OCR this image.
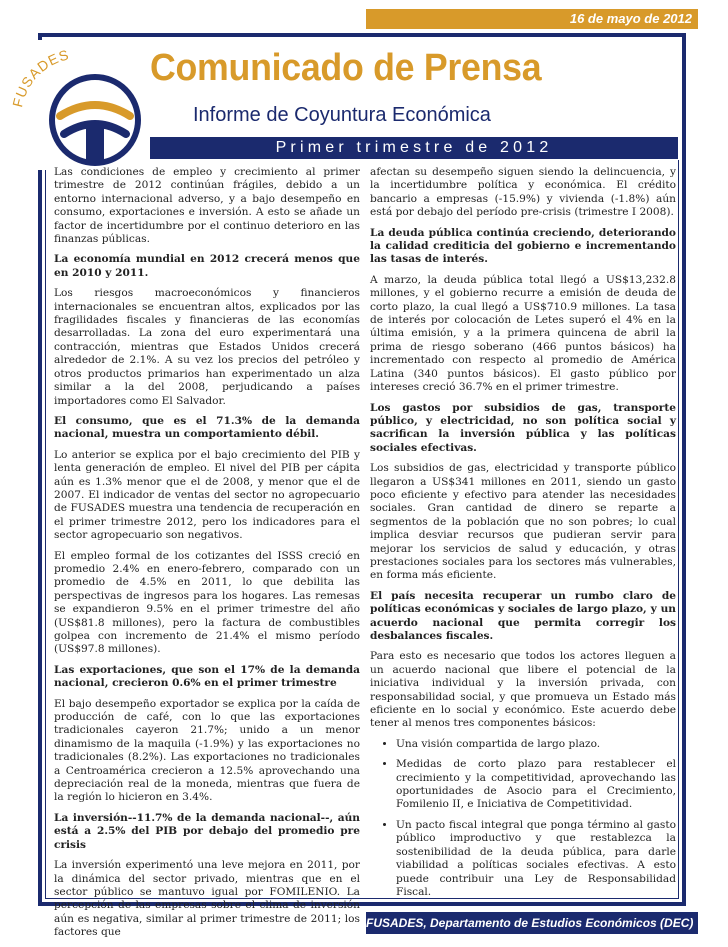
16 de mayo de 2012
FUSADES Comunicado de Prensa
Informe de Coyuntura Económica
Primer trimestre de 2012

Las condiciones de empleo y crecimiento al primer trimestre de 2012 continúan frágiles, debido a un entorno internacional adverso, y a bajo desempeño en consumo, exportaciones e inversión. A esto se añade un factor de incertidumbre por el continuo deterioro en las finanzas públicas.

La economía mundial en 2012 crecerá menos que en 2010 y 2011.

Los riesgos macroeconómicos y financieros internacionales se encuentran altos, explicados por las fragilidades fiscales y financieras de las economías desarrolladas. La zona del euro experimentará una contracción, mientras que Estados Unidos crecerá alrededor de 2.1%. A su vez los precios del petróleo y otros productos primarios han experimentado un alza similar a la del 2008, perjudicando a países importadores como El Salvador.

El consumo, que es el 71.3% de la demanda nacional, muestra un comportamiento débil.

Lo anterior se explica por el bajo crecimiento del PIB y lenta generación de empleo. El nivel del PIB per cápita aún es 1.3% menor que el de 2008, y menor que el de 2007. El indicador de ventas del sector no agropecuario de FUSADES muestra una tendencia de recuperación en el primer trimestre 2012, pero los indicadores para el sector agropecuario son negativos.

El empleo formal de los cotizantes del ISSS creció en promedio 2.4% en enero-febrero, comparado con un promedio de 4.5% en 2011, lo que debilita las perspectivas de ingresos para los hogares. Las remesas se expandieron 9.5% en el primer trimestre del año (US$81.8 millones), pero la factura de combustibles golpea con incremento de 21.4% el mismo período (US$97.8 millones).

Las exportaciones, que son el 17% de la demanda nacional, crecieron 0.6% en el primer trimestre

El bajo desempeño exportador se explica por la caída de producción de café, con lo que las exportaciones tradicionales cayeron 21.7%; unido a un menor dinamismo de la maquila (-1.9%) y las exportaciones no tradicionales (8.2%). Las exportaciones no tradicionales a Centroamérica crecieron a 12.5% aprovechando una depreciación real de la moneda, mientras que fuera de la región lo hicieron en 3.4%.

La inversión--11.7% de la demanda nacional--, aún está a 2.5% del PIB por debajo del promedio pre crisis

La inversión experimentó una leve mejora en 2011, por la dinámica del sector privado, mientras que en el sector público se mantuvo igual por FOMILENIO. La percepción de las empresas sobre el clima de inversión aún es negativa, similar al primer trimestre de 2011; los factores que

afectan su desempeño siguen siendo la delincuencia, y la incertidumbre política y económica. El crédito bancario a empresas (-15.9%) y vivienda (-1.8%) aún está por debajo del período pre-crisis (trimestre I 2008).

La deuda pública continúa creciendo, deteriorando la calidad crediticia del gobierno e incrementando las tasas de interés.

A marzo, la deuda pública total llegó a US$13,232.8 millones, y el gobierno recurre a emisión de deuda de corto plazo, la cual llegó a US$710.9 millones. La tasa de interés por colocación de Letes superó el 4% en la última emisión, y a la primera quincena de abril la prima de riesgo soberano (466 puntos básicos) ha incrementado con respecto al promedio de América Latina (340 puntos básicos). El gasto público por intereses creció 36.7% en el primer trimestre.

Los gastos por subsidios de gas, transporte público, y electricidad, no son política social y sacrifican la inversión pública y las políticas sociales efectivas.

Los subsidios de gas, electricidad y transporte público llegaron a US$341 millones en 2011, siendo un gasto poco eficiente y efectivo para atender las necesidades sociales. Gran cantidad de dinero se reparte a segmentos de la población que no son pobres; lo cual implica desviar recursos que pudieran servir para mejorar los servicios de salud y educación, y otras prestaciones sociales para los sectores más vulnerables, en forma más eficiente.

El país necesita recuperar un rumbo claro de políticas económicas y sociales de largo plazo, y un acuerdo nacional que permita corregir los desbalances fiscales.

Para esto es necesario que todos los actores lleguen a un acuerdo nacional que libere el potencial de la iniciativa individual y la inversión privada, con responsabilidad social, y que promueva un Estado más eficiente en lo social y económico. Este acuerdo debe tener al menos tres componentes básicos:

• Una visión compartida de largo plazo.
• Medidas de corto plazo para restablecer el crecimiento y la competitividad, aprovechando las oportunidades de Asocio para el Crecimiento, Fomilenio II, e Iniciativa de Competitividad.
• Un pacto fiscal integral que ponga término al gasto público improductivo y que restablezca la sostenibilidad de la deuda pública, para darle viabilidad a políticas sociales efectivas. A esto puede contribuir una Ley de Responsabilidad Fiscal.
FUSADES, Departamento de Estudios Económicos (DEC)
